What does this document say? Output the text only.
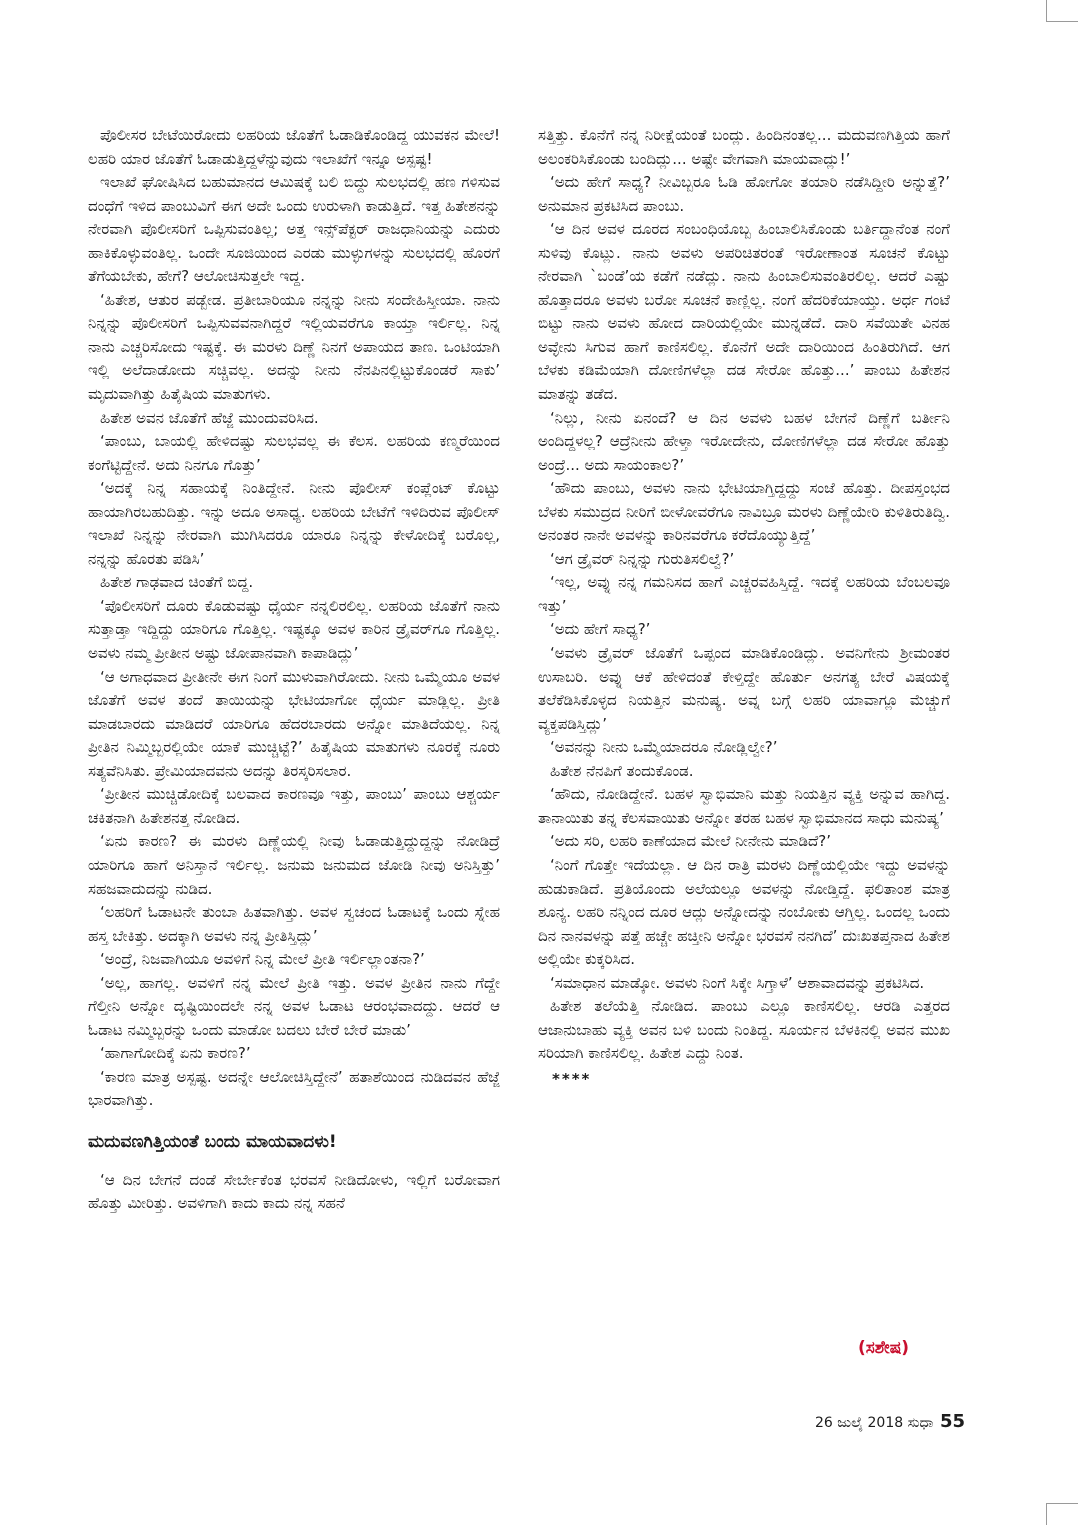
ಪೊಲೀಸರ ಬೇಟೆಯಿರೋದು ಲಹರಿಯ ಜೊತೆಗೆ ಓಡಾಡಿಕೊಂಡಿದ್ದ ಯುವಕನ ಮೇಲೆ! ಲಹರಿ ಯಾರ ಜೊತೆಗೆ ಓಡಾಡುತ್ತಿದ್ದಳೆನ್ನುವುದು ಇಲಾಖೆಗೆ ಇನ್ನೂ ಅಸ್ಪಷ್ಟ!

ಇಲಾಖೆ ಘೋಷಿಸಿದ ಬಹುಮಾನದ ಆಮಿಷಕ್ಕೆ ಬಲಿ ಬಿದ್ದು ಸುಲಭದಲ್ಲಿ ಹಣ ಗಳಿಸುವ ದಂಧೆಗೆ ಇಳಿದ ಪಾಂಬುವಿಗೆ ಈಗ ಅದೇ ಒಂದು ಉರುಳಾಗಿ ಕಾಡುತ್ತಿದೆ. ಇತ್ತ ಹಿತೇಶನನ್ನು ನೇರವಾಗಿ ಪೊಲೀಸರಿಗೆ ಒಪ್ಪಿಸುವಂತಿಲ್ಲ; ಅತ್ತ ಇನ್ಸ್‌ಪೆಕ್ಟರ್ ರಾಜಧಾನಿಯನ್ನು ಎದುರು ಹಾಕಿಕೊಳ್ಳುವಂತಿಲ್ಲ. ಒಂದೇ ಸೂಜಿಯಿಂದ ಎರಡು ಮುಳ್ಳುಗಳನ್ನು ಸುಲಭದಲ್ಲಿ ಹೊರಗೆ ತೆಗೆಯಬೇಕು, ಹೇಗೆ? ಆಲೋಚಿಸುತ್ತಲೇ ಇದ್ದ.

‘ಹಿತೇಶ, ಆತುರ ಪಡ್ಬೇಡ. ಪ್ರತೀಬಾರಿಯೂ ನನ್ನನ್ನು ನೀನು ಸಂದೇಹಿಸ್ತೀಯಾ. ನಾನು ನಿನ್ನನ್ನು ಪೊಲೀಸರಿಗೆ ಒಪ್ಪಿಸುವವನಾಗಿದ್ದರೆ ಇಲ್ಲಿಯವರೆಗೂ ಕಾಯ್ತಾ ಇರ್ಲಿಲ್ಲ. ನಿನ್ನ ನಾನು ಎಚ್ಚರಿಸೋದು ಇಷ್ಟಕ್ಕೆ. ಈ ಮರಳು ದಿಣ್ಣೆ ನಿನಗೆ ಅಪಾಯದ ತಾಣ. ಒಂಟಿಯಾಗಿ ಇಲ್ಲಿ ಅಲೆದಾಡೋದು ಸಚ್ಚಿವಲ್ಲ. ಅದನ್ನು ನೀನು ನೆನಪಿನಲ್ಲಿಟ್ಟುಕೊಂಡರೆ ಸಾಕು’ ಮೃದುವಾಗಿತ್ತು ಹಿತೈಷಿಯ ಮಾತುಗಳು.

ಹಿತೇಶ ಅವನ ಜೊತೆಗೆ ಹೆಜ್ಜೆ ಮುಂದುವರಿಸಿದ.

‘ಪಾಂಬು, ಬಾಯಲ್ಲಿ ಹೇಳಿದಷ್ಟು ಸುಲಭವಲ್ಲ ಈ ಕೆಲಸ. ಲಹರಿಯ ಕಣ್ಮರೆಯಿಂದ ಕಂಗೆಟ್ಟಿದ್ದೇನೆ. ಅದು ನಿನಗೂ ಗೊತ್ತು’

‘ಅದಕ್ಕೆ ನಿನ್ನ ಸಹಾಯಕ್ಕೆ ನಿಂತಿದ್ದೇನೆ. ನೀನು ಪೊಲೀಸ್ ಕಂಪ್ಲೆಂಟ್ ಕೊಟ್ಟು ಹಾಯಾಗಿರಬಹುದಿತ್ತು. ಇನ್ನು ಅದೂ ಅಸಾಧ್ಯ. ಲಹರಿಯ ಬೇಟೆಗೆ ಇಳಿದಿರುವ ಪೊಲೀಸ್ ಇಲಾಖೆ ನಿನ್ನನ್ನು ನೇರವಾಗಿ ಮುಗಿಸಿದರೂ ಯಾರೂ ನಿನ್ನನ್ನು ಕೇಳೋದಿಕ್ಕೆ ಬರೊಲ್ಲ, ನನ್ನನ್ನು ಹೊರತು ಪಡಿಸಿ’

ಹಿತೇಶ ಗಾಢವಾದ ಚಿಂತೆಗೆ ಬಿದ್ದ.

‘ಪೊಲೀಸರಿಗೆ ದೂರು ಕೊಡುವಷ್ಟು ಧೈರ್ಯ ನನ್ನಲಿರಲಿಲ್ಲ. ಲಹರಿಯ ಜೊತೆಗೆ ನಾನು ಸುತ್ತಾಡ್ತಾ ಇದ್ದಿದ್ದು ಯಾರಿಗೂ ಗೊತ್ತಿಲ್ಲ. ಇಷ್ಟಕ್ಕೂ ಅವಳ ಕಾರಿನ ಡ್ರೈವರ್‌ಗೂ ಗೊತ್ತಿಲ್ಲ. ಅವಳು ನಮ್ಮ ಪ್ರೀತೀನ ಅಷ್ಟು ಜೋಪಾನವಾಗಿ ಕಾಪಾಡಿದ್ಲು’

‘ಆ ಅಗಾಧವಾದ ಪ್ರೀತೀನೇ ಈಗ ನಿಂಗೆ ಮುಳುವಾಗಿರೋದು. ನೀನು ಒಮ್ಮೆಯೂ ಅವಳ ಜೊತೆಗೆ ಅವಳ ತಂದೆ ತಾಯಿಯನ್ನು ಭೇಟಿಯಾಗೋ ಧೈರ್ಯ ಮಾಡ್ಲಿಲ್ಲ. ಪ್ರೀತಿ ಮಾಡಬಾರದು ಮಾಡಿದರೆ ಯಾರಿಗೂ ಹೆದರಬಾರದು ಅನ್ನೋ ಮಾತಿದೆಯಲ್ಲ. ನಿನ್ನ ಪ್ರೀತಿನ ನಿಮ್ಮಿಬ್ಬರಲ್ಲಿಯೇ ಯಾಕೆ ಮುಚ್ಚಿಟ್ಟೆ?’ ಹಿತೈಷಿಯ ಮಾತುಗಳು ನೂರಕ್ಕೆ ನೂರು ಸತ್ಯವೆನಿಸಿತು. ಪ್ರೇಮಿಯಾದವನು ಅದನ್ನು ತಿರಸ್ಕರಿಸಲಾರ.

‘ಪ್ರೀತೀನ ಮುಚ್ಚಿಡೋದಿಕ್ಕೆ ಬಲವಾದ ಕಾರಣವೂ ಇತ್ತು, ಪಾಂಬು’ ಪಾಂಬು ಆಶ್ಚರ್ಯ ಚಕಿತನಾಗಿ ಹಿತೇಶನತ್ತ ನೋಡಿದ.

‘ಏನು ಕಾರಣ? ಈ ಮರಳು ದಿಣ್ಣೆಯಲ್ಲಿ ನೀವು ಓಡಾಡುತ್ತಿದ್ದುದ್ದನ್ನು ನೋಡಿದ್ರೆ ಯಾರಿಗೂ ಹಾಗೆ ಅನಿಸ್ತಾನೆ ಇರ್ಲಿಲ್ಲ. ಜನುಮ ಜನುಮದ ಜೋಡಿ ನೀವು ಅನಿಸ್ತಿತ್ತು’ ಸಹಜವಾದುದನ್ನು ನುಡಿದ.

‘ಲಹರಿಗೆ ಓಡಾಟನೇ ತುಂಬಾ ಹಿತವಾಗಿತ್ತು. ಅವಳ ಸ್ವಚಂದ ಓಡಾಟಕ್ಕೆ ಒಂದು ಸ್ನೇಹ ಹಸ್ತ ಬೇಕಿತ್ತು. ಅದಕ್ಕಾಗಿ ಅವಳು ನನ್ನ ಪ್ರೀತಿಸ್ತಿದ್ಲು’

‘ಅಂದ್ರೆ, ನಿಜವಾಗಿಯೂ ಅವಳಿಗೆ ನಿನ್ನ ಮೇಲೆ ಪ್ರೀತಿ ಇರ್ಲಿಲ್ಲಾಂತನಾ?’

‘ಅಲ್ಲ, ಹಾಗಲ್ಲ. ಅವಳಿಗೆ ನನ್ನ ಮೇಲೆ ಪ್ರೀತಿ ಇತ್ತು. ಅವಳ ಪ್ರೀತಿನ ನಾನು ಗೆದ್ದೇ ಗೆಲ್ತೀನಿ ಅನ್ನೋ ದೃಷ್ಟಿಯಿಂದಲೇ ನನ್ನ ಅವಳ ಓಡಾಟ ಆರಂಭವಾದದ್ದು. ಆದರೆ ಆ ಓಡಾಟ ನಮ್ಮಿಬ್ಬರನ್ನು ಒಂದು ಮಾಡೋ ಬದಲು ಬೇರೆ ಬೇರೆ ಮಾಡು’

‘ಹಾಗಾಗೋದಿಕ್ಕೆ ಏನು ಕಾರಣ?’

‘ಕಾರಣ ಮಾತ್ರ ಅಸ್ಪಷ್ಟ. ಅದನ್ನೇ ಆಲೋಚಿಸ್ತಿದ್ದೇನೆ’ ಹತಾಶೆಯಿಂದ ನುಡಿದವನ ಹೆಜ್ಜೆ ಭಾರವಾಗಿತ್ತು.

ಮದುವಣಗಿತ್ತಿಯಂತೆ ಬಂದು ಮಾಯವಾದಳು!

‘ಆ ದಿನ ಬೇಗನೆ ದಂಡೆ ಸೇರ್ಬೇಕೆಂತ ಭರವಸೆ ನೀಡಿದೋಳು, ಇಲ್ಲಿಗೆ ಬರೋವಾಗ ಹೊತ್ತು ಮೀರಿತ್ತು. ಅವಳಿಗಾಗಿ ಕಾದು ಕಾದು ನನ್ನ ಸಹನೆ

ಸತ್ತಿತ್ತು. ಕೊನೆಗೆ ನನ್ನ ನಿರೀಕ್ಷೆಯಂತೆ ಬಂದ್ಲು. ಹಿಂದಿನಂತಲ್ಲ... ಮದುವಣಗಿತ್ತಿಯ ಹಾಗೆ ಅಲಂಕರಿಸಿಕೊಂಡು ಬಂದಿದ್ಲು... ಅಷ್ಟೇ ವೇಗವಾಗಿ ಮಾಯವಾದ್ಲು!’

‘ಅದು ಹೇಗೆ ಸಾಧ್ಯ? ನೀವಿಬ್ಬರೂ ಓಡಿ ಹೋಗೋ ತಯಾರಿ ನಡೆಸಿದ್ದೀರಿ ಅನ್ನುತ್ತೆ?’ ಅನುಮಾನ ಪ್ರಕಟಿಸಿದ ಪಾಂಬು.

‘ಆ ದಿನ ಅವಳ ದೂರದ ಸಂಬಂಧಿಯೊಬ್ಬ ಹಿಂಬಾಲಿಸಿಕೊಂಡು ಬರ್ತಿದ್ದಾನೆಂತ ನಂಗೆ ಸುಳಿವು ಕೊಟ್ಲು. ನಾನು ಅವಳು ಅಪರಿಚಿತರಂತೆ ಇರೋಣಾಂತ ಸೂಚನೆ ಕೊಟ್ಟು ನೇರವಾಗಿ `ಬಂಡೆ’ಯ ಕಡೆಗೆ ನಡೆದ್ಲು. ನಾನು ಹಿಂಬಾಲಿಸುವಂತಿರಲಿಲ್ಲ. ಆದರೆ ಎಷ್ಟು ಹೊತ್ತಾದರೂ ಅವಳು ಬರೋ ಸೂಚನೆ ಕಾಣ್ಲಿಲ್ಲ. ನಂಗೆ ಹೆದರಿಕೆಯಾಯ್ತು. ಅರ್ಧ ಗಂಟೆ ಬಿಟ್ಟು ನಾನು ಅವಳು ಹೋದ ದಾರಿಯಲ್ಲಿಯೇ ಮುನ್ನಡೆದೆ. ದಾರಿ ಸವೆಯಿತೇ ವಿನಹ ಅವ್ಳೇನು ಸಿಗುವ ಹಾಗೆ ಕಾಣಿಸಲಿಲ್ಲ. ಕೊನೆಗೆ ಅದೇ ದಾರಿಯಿಂದ ಹಿಂತಿರುಗಿದೆ. ಆಗ ಬೆಳಕು ಕಡಿಮೆಯಾಗಿ ದೋಣಿಗಳೆಲ್ಲಾ ದಡ ಸೇರೋ ಹೊತ್ತು...’ ಪಾಂಬು ಹಿತೇಶನ ಮಾತನ್ನು ತಡೆದ.

‘ನಿಲ್ಲು, ನೀನು ಏನಂದೆ? ಆ ದಿನ ಅವಳು ಬಹಳ ಬೇಗನೆ ದಿಣ್ಣೆಗೆ ಬರ್ತೀನಿ ಅಂದಿದ್ದಳಲ್ಲ? ಆದ್ರೆನೀನು ಹೇಳ್ತಾ ಇರೋದೇನು, ದೋಣಿಗಳೆಲ್ಲಾ ದಡ ಸೇರೋ ಹೊತ್ತು ಅಂದ್ರೆ... ಅದು ಸಾಯಂಕಾಲ?’

‘ಹೌದು ಪಾಂಬು, ಅವಳು ನಾನು ಭೇಟಿಯಾಗ್ತಿದ್ದದ್ದು ಸಂಜೆ ಹೊತ್ತು. ದೀಪಸ್ತಂಭದ ಬೆಳಕು ಸಮುದ್ರದ ನೀರಿಗೆ ಬೀಳೋವರೆಗೂ ನಾವಿಬ್ರೂ ಮರಳು ದಿಣ್ಣೆಯೇರಿ ಕುಳಿತಿರುತಿದ್ವಿ. ಅನಂತರ ನಾನೇ ಅವಳನ್ನು ಕಾರಿನವರೆಗೂ ಕರೆದೊಯ್ಯುತ್ತಿದ್ದೆ’

‘ಆಗ ಡ್ರೈವರ್ ನಿನ್ನನ್ನು ಗುರುತಿಸಲಿಲ್ವೆ?’

‘ಇಲ್ಲ, ಅವ್ನು ನನ್ನ ಗಮನಿಸದ ಹಾಗೆ ಎಚ್ಚರವಹಿಸ್ತಿದ್ದೆ. ಇದಕ್ಕೆ ಲಹರಿಯ ಬೆಂಬಲವೂ ಇತ್ತು’

‘ಅದು ಹೇಗೆ ಸಾಧ್ಯ?’

‘ಅವಳು ಡ್ರೈವರ್ ಜೊತೆಗೆ ಒಪ್ಪಂದ ಮಾಡಿಕೊಂಡಿದ್ಲು. ಅವನಿಗೇನು ಶ್ರೀಮಂತರ ಉಸಾಬರಿ. ಅವ್ನು ಆಕೆ ಹೇಳಿದಂತೆ ಕೇಳ್ತಿದ್ದೇ ಹೊರ್ತು ಅನಗತ್ಯ ಬೇರೆ ವಿಷಯಕ್ಕೆ ತಲೆಕೆಡಿಸಿಕೊಳ್ಳದ ನಿಯತ್ತಿನ ಮನುಷ್ಯ. ಅವ್ನ ಬಗ್ಗೆ ಲಹರಿ ಯಾವಾಗ್ಲೂ ಮೆಚ್ಚುಗೆ ವ್ಯಕ್ತಪಡಿಸ್ತಿದ್ಲು’

‘ಅವನನ್ನು ನೀನು ಒಮ್ಮೆಯಾದರೂ ನೋಡ್ಲಿಲ್ವೇ?’

ಹಿತೇಶ ನೆನಪಿಗೆ ತಂದುಕೊಂಡ.

‘ಹೌದು, ನೋಡಿದ್ದೇನೆ. ಬಹಳ ಸ್ವಾಭಿಮಾನಿ ಮತ್ತು ನಿಯತ್ತಿನ ವ್ಯಕ್ತಿ ಅನ್ನುವ ಹಾಗಿದ್ದ. ತಾನಾಯಿತು ತನ್ನ ಕೆಲಸವಾಯಿತು ಅನ್ನೋ ತರಹ ಬಹಳ ಸ್ವಾಭಿಮಾನದ ಸಾಧು ಮನುಷ್ಯ’

‘ಅದು ಸರಿ, ಲಹರಿ ಕಾಣೆಯಾದ ಮೇಲೆ ನೀನೇನು ಮಾಡಿದೆ?’

‘ನಿಂಗೆ ಗೊತ್ತೇ ಇದೆಯಲ್ಲಾ. ಆ ದಿನ ರಾತ್ರಿ ಮರಳು ದಿಣ್ಣೆಯಲ್ಲಿಯೇ ಇದ್ದು ಅವಳನ್ನು ಹುಡುಕಾಡಿದೆ. ಪ್ರತಿಯೊಂದು ಅಲೆಯಲ್ಲೂ ಅವಳನ್ನು ನೋಡ್ತಿದ್ದೆ. ಫಲಿತಾಂಶ ಮಾತ್ರ ಶೂನ್ಯ. ಲಹರಿ ನನ್ನಿಂದ ದೂರ ಆದ್ಲು ಅನ್ನೋದನ್ನು ನಂಬೋಕು ಆಗ್ತಿಲ್ಲ. ಒಂದಲ್ಲ ಒಂದು ದಿನ ನಾನವಳನ್ನು ಪತ್ತೆ ಹಚ್ಚೇ ಹಚ್ತೀನಿ ಅನ್ನೋ ಭರವಸೆ ನನಗಿದೆ’ ದುಃಖತಪ್ತನಾದ ಹಿತೇಶ ಅಲ್ಲಿಯೇ ಕುಕ್ಕರಿಸಿದ.

‘ಸಮಾಧಾನ ಮಾಡ್ಕೋ. ಅವಳು ನಿಂಗೆ ಸಿಕ್ಕೇ ಸಿಗ್ತಾಳೆ’ ಆಶಾವಾದವನ್ನು ಪ್ರಕಟಿಸಿದ.

ಹಿತೇಶ ತಲೆಯೆತ್ತಿ ನೋಡಿದ. ಪಾಂಬು ಎಲ್ಲೂ ಕಾಣಿಸಲಿಲ್ಲ. ಆರಡಿ ಎತ್ತರದ ಆಜಾನುಬಾಹು ವ್ಯಕ್ತಿ ಅವನ ಬಳಿ ಬಂದು ನಿಂತಿದ್ದ. ಸೂರ್ಯನ ಬೆಳಕಿನಲ್ಲಿ ಅವನ ಮುಖ ಸರಿಯಾಗಿ ಕಾಣಿಸಲಿಲ್ಲ. ಹಿತೇಶ ಎದ್ದು ನಿಂತ.

****

(ಸಶೇಷ)
26 ಜುಲೈ 2018 ಸುಧಾ 55
